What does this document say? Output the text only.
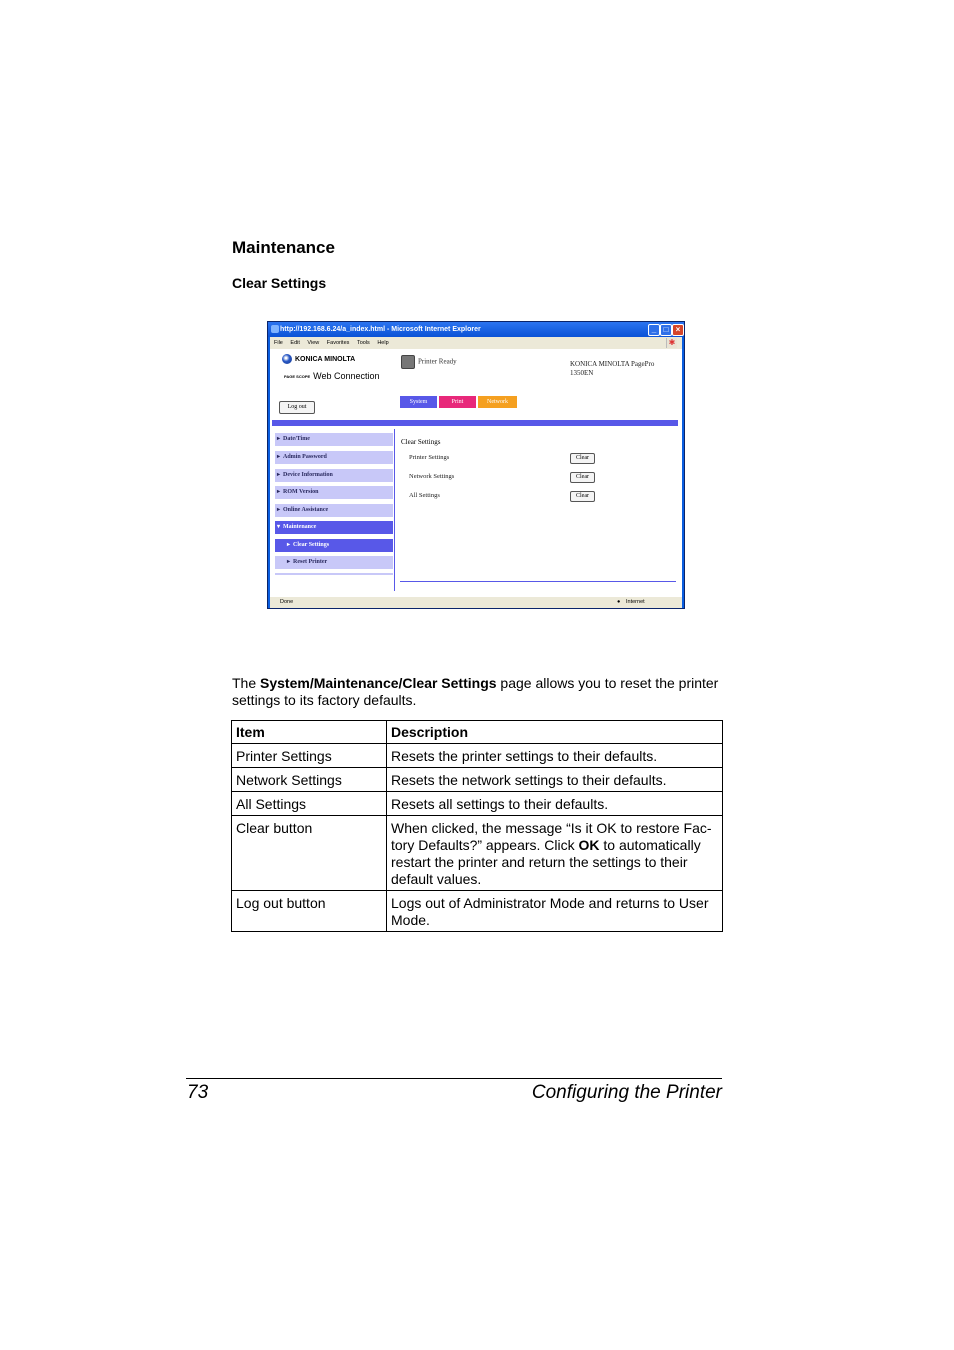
Maintenance
Clear Settings
http://192.168.6.24/a_index.html - Microsoft Internet Explorer	_ □ ×
File Edit View Favorites Tools Help	✱
KONICA MINOLTA
PAGE SCOPE Web Connection
Log out
Printer Ready	KONICA MINOLTA PagePro
1350EN
System	Print	Network
▸ Date/Time
▸ Admin Password
▸ Device Information
▸ ROM Version
▸ Online Assistance
▾ Maintenance
▸ Clear Settings
▸ Reset Printer
Clear Settings
Printer Settings	Clear
Network Settings	Clear
All Settings	Clear
Done	● Internet

The System/Maintenance/Clear Settings page allows you to reset the printer settings to its factory defaults.

Item	Description
Printer Settings	Resets the printer settings to their defaults.
Network Settings	Resets the network settings to their defaults.
All Settings	Resets all settings to their defaults.
Clear button	When clicked, the message “Is it OK to restore Fac-tory Defaults?” appears. Click OK to automatically restart the printer and return the settings to their default values.
Log out button	Logs out of Administrator Mode and returns to User Mode.
73	Configuring the Printer
